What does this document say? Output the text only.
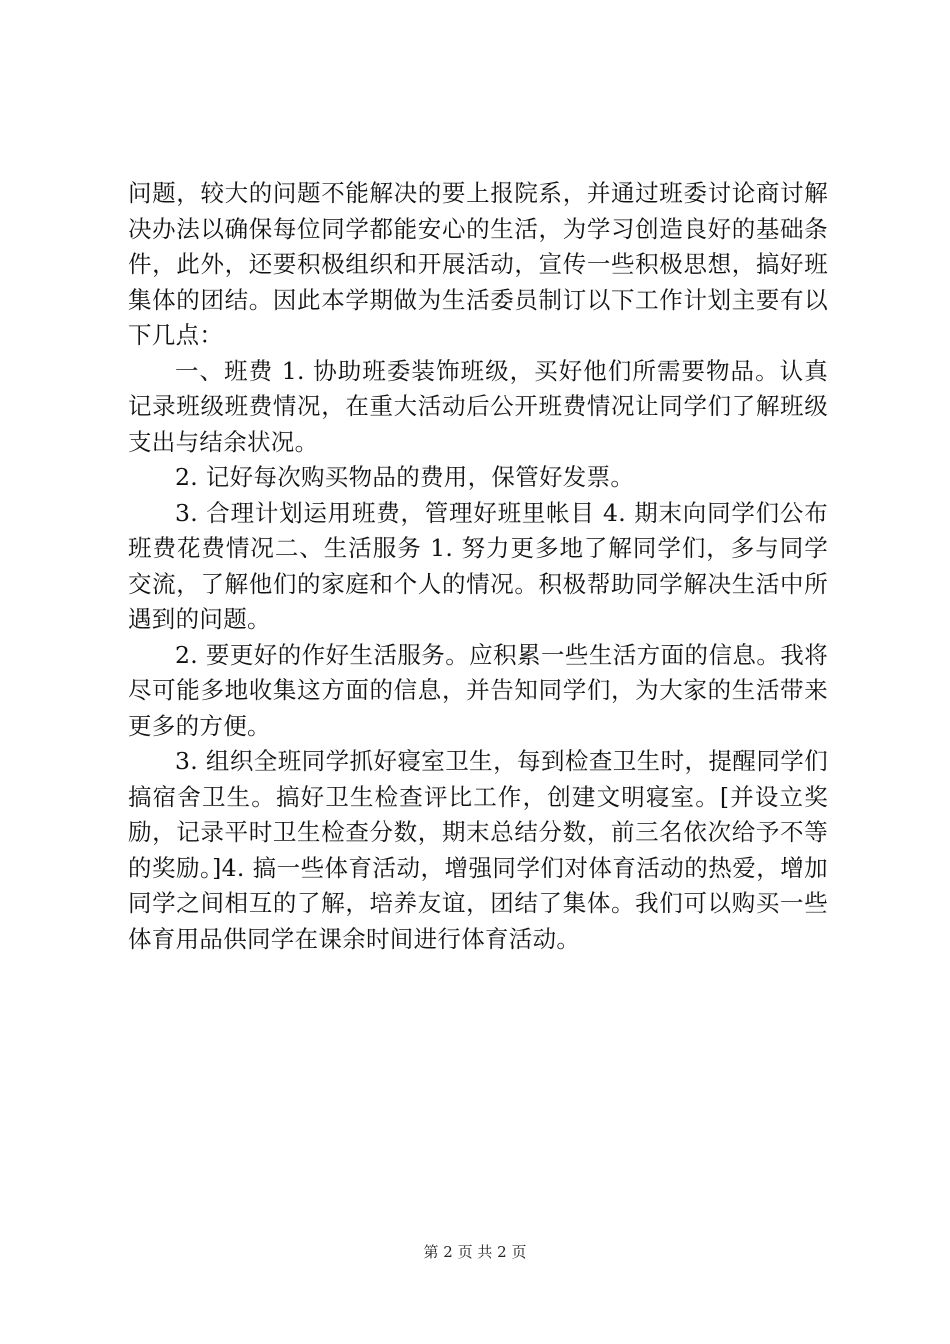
问题，较大的问题不能解决的要上报院系，并通过班委讨论商讨解决办法以确保每位同学都能安心的生活，为学习创造良好的基础条件，此外，还要积极组织和开展活动，宣传一些积极思想，搞好班集体的团结。因此本学期做为生活委员制订以下工作计划主要有以下几点：

一、班费 1. 协助班委装饰班级，买好他们所需要物品。认真记录班级班费情况，在重大活动后公开班费情况让同学们了解班级支出与结余状况。

2. 记好每次购买物品的费用，保管好发票。

3. 合理计划运用班费，管理好班里帐目 4. 期末向同学们公布班费花费情况二、生活服务 1. 努力更多地了解同学们，多与同学交流，了解他们的家庭和个人的情况。积极帮助同学解决生活中所遇到的问题。

2. 要更好的作好生活服务。应积累一些生活方面的信息。我将尽可能多地收集这方面的信息，并告知同学们，为大家的生活带来更多的方便。

3. 组织全班同学抓好寝室卫生，每到检查卫生时，提醒同学们搞宿舍卫生。搞好卫生检查评比工作，创建文明寝室。[并设立奖励，记录平时卫生检查分数，期末总结分数，前三名依次给予不等的奖励。]4. 搞一些体育活动，增强同学们对体育活动的热爱，增加同学之间相互的了解，培养友谊，团结了集体。我们可以购买一些体育用品供同学在课余时间进行体育活动。

第 2 页 共 2 页
